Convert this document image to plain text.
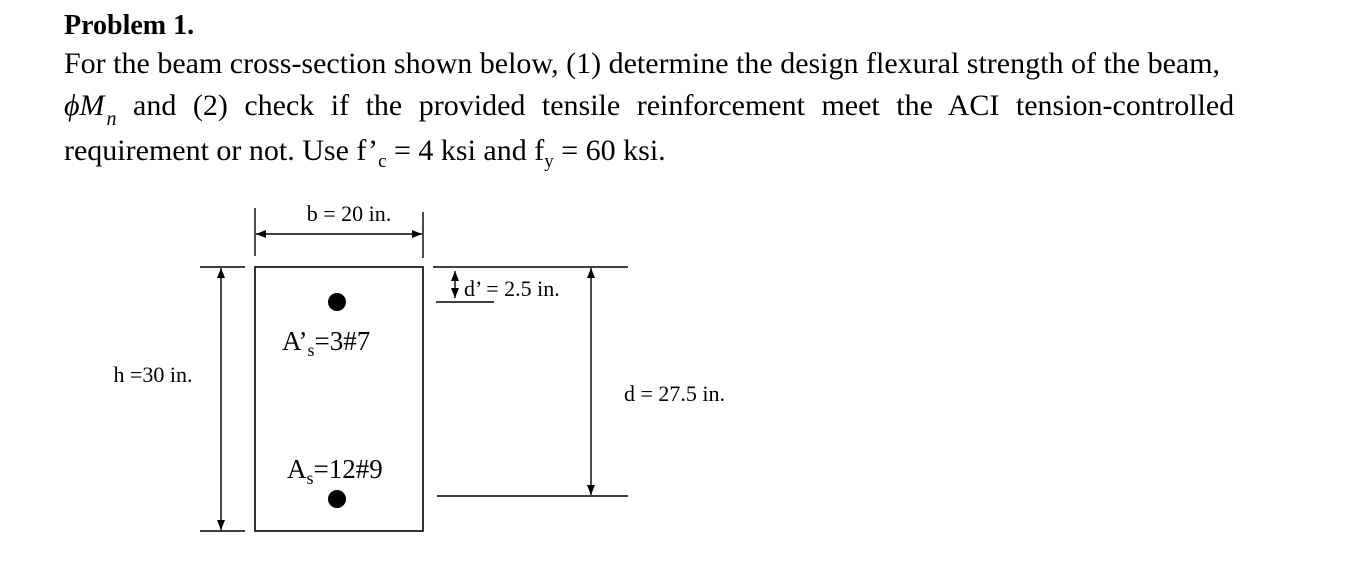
Problem 1.
For the beam cross-section shown below, (1) determine the design flexural strength of the beam,
ϕM $_n$ and (2) check if the provided tensile reinforcement meet the ACI tension-controlled
requirement or not. Use $f’_c = 4$ ksi and $f_y = 60$ ksi.
b = 20 in.
h =30 in.
$A’_s=3\#7$
$A_s=12\#9$
d’ = 2.5 in.
d = 27.5 in.
